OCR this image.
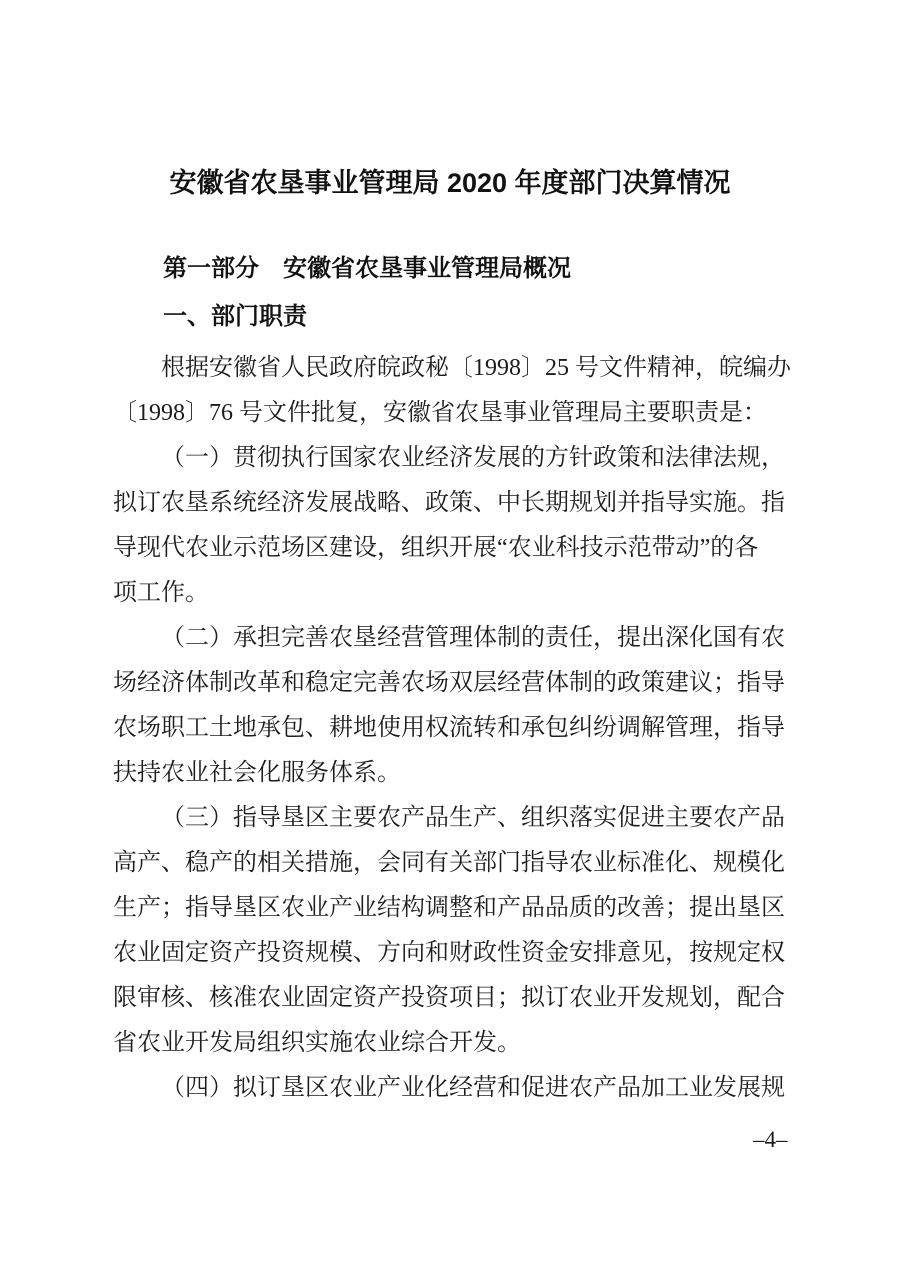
安徽省农垦事业管理局 2020 年度部门决算情况
第一部分　安徽省农垦事业管理局概况
一、部门职责
根据安徽省人民政府皖政秘〔1998〕25 号文件精神，皖编办
〔1998〕76 号文件批复，安徽省农垦事业管理局主要职责是：
（一）贯彻执行国家农业经济发展的方针政策和法律法规，
拟订农垦系统经济发展战略、政策、中长期规划并指导实施。指
导现代农业示范场区建设，组织开展“农业科技示范带动”的各
项工作。
（二）承担完善农垦经营管理体制的责任，提出深化国有农
场经济体制改革和稳定完善农场双层经营体制的政策建议；指导
农场职工土地承包、耕地使用权流转和承包纠纷调解管理，指导
扶持农业社会化服务体系。
（三）指导垦区主要农产品生产、组织落实促进主要农产品
高产、稳产的相关措施，会同有关部门指导农业标准化、规模化
生产；指导垦区农业产业结构调整和产品品质的改善；提出垦区
农业固定资产投资规模、方向和财政性资金安排意见，按规定权
限审核、核准农业固定资产投资项目；拟订农业开发规划，配合
省农业开发局组织实施农业综合开发。
（四）拟订垦区农业产业化经营和促进农产品加工业发展规
–4–
